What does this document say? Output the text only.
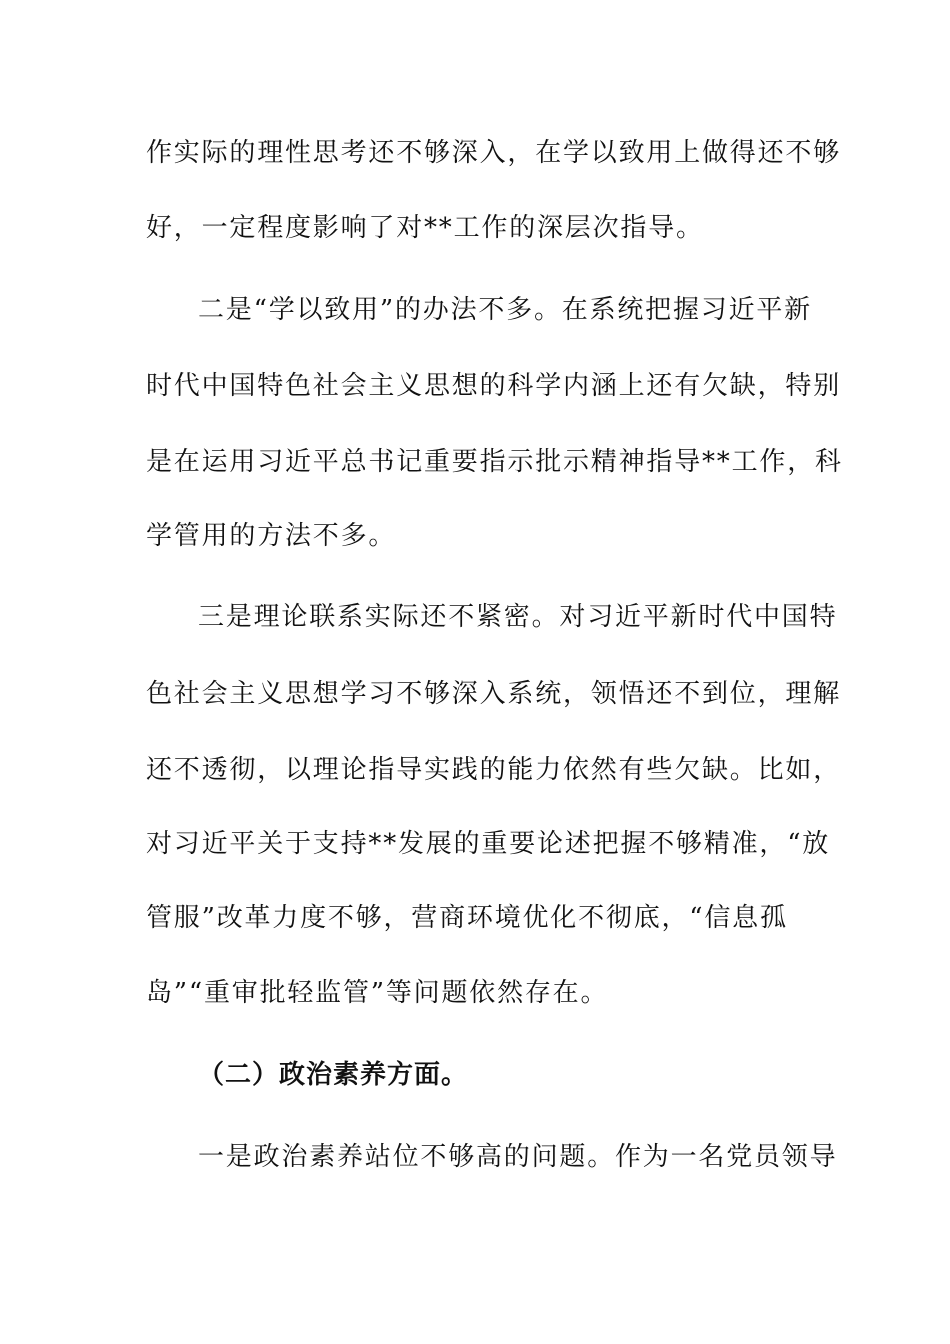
作实际的理性思考还不够深入，在学以致用上做得还不够
好，一定程度影响了对**工作的深层次指导。
二是“学以致用”的办法不多。在系统把握习近平新
时代中国特色社会主义思想的科学内涵上还有欠缺，特别
是在运用习近平总书记重要指示批示精神指导**工作，科
学管用的方法不多。
三是理论联系实际还不紧密。对习近平新时代中国特
色社会主义思想学习不够深入系统，领悟还不到位，理解
还不透彻，以理论指导实践的能力依然有些欠缺。比如，
对习近平关于支持**发展的重要论述把握不够精准，“放
管服”改革力度不够，营商环境优化不彻底，“信息孤
岛”“重审批轻监管”等问题依然存在。
（二）政治素养方面。
一是政治素养站位不够高的问题。作为一名党员领导
